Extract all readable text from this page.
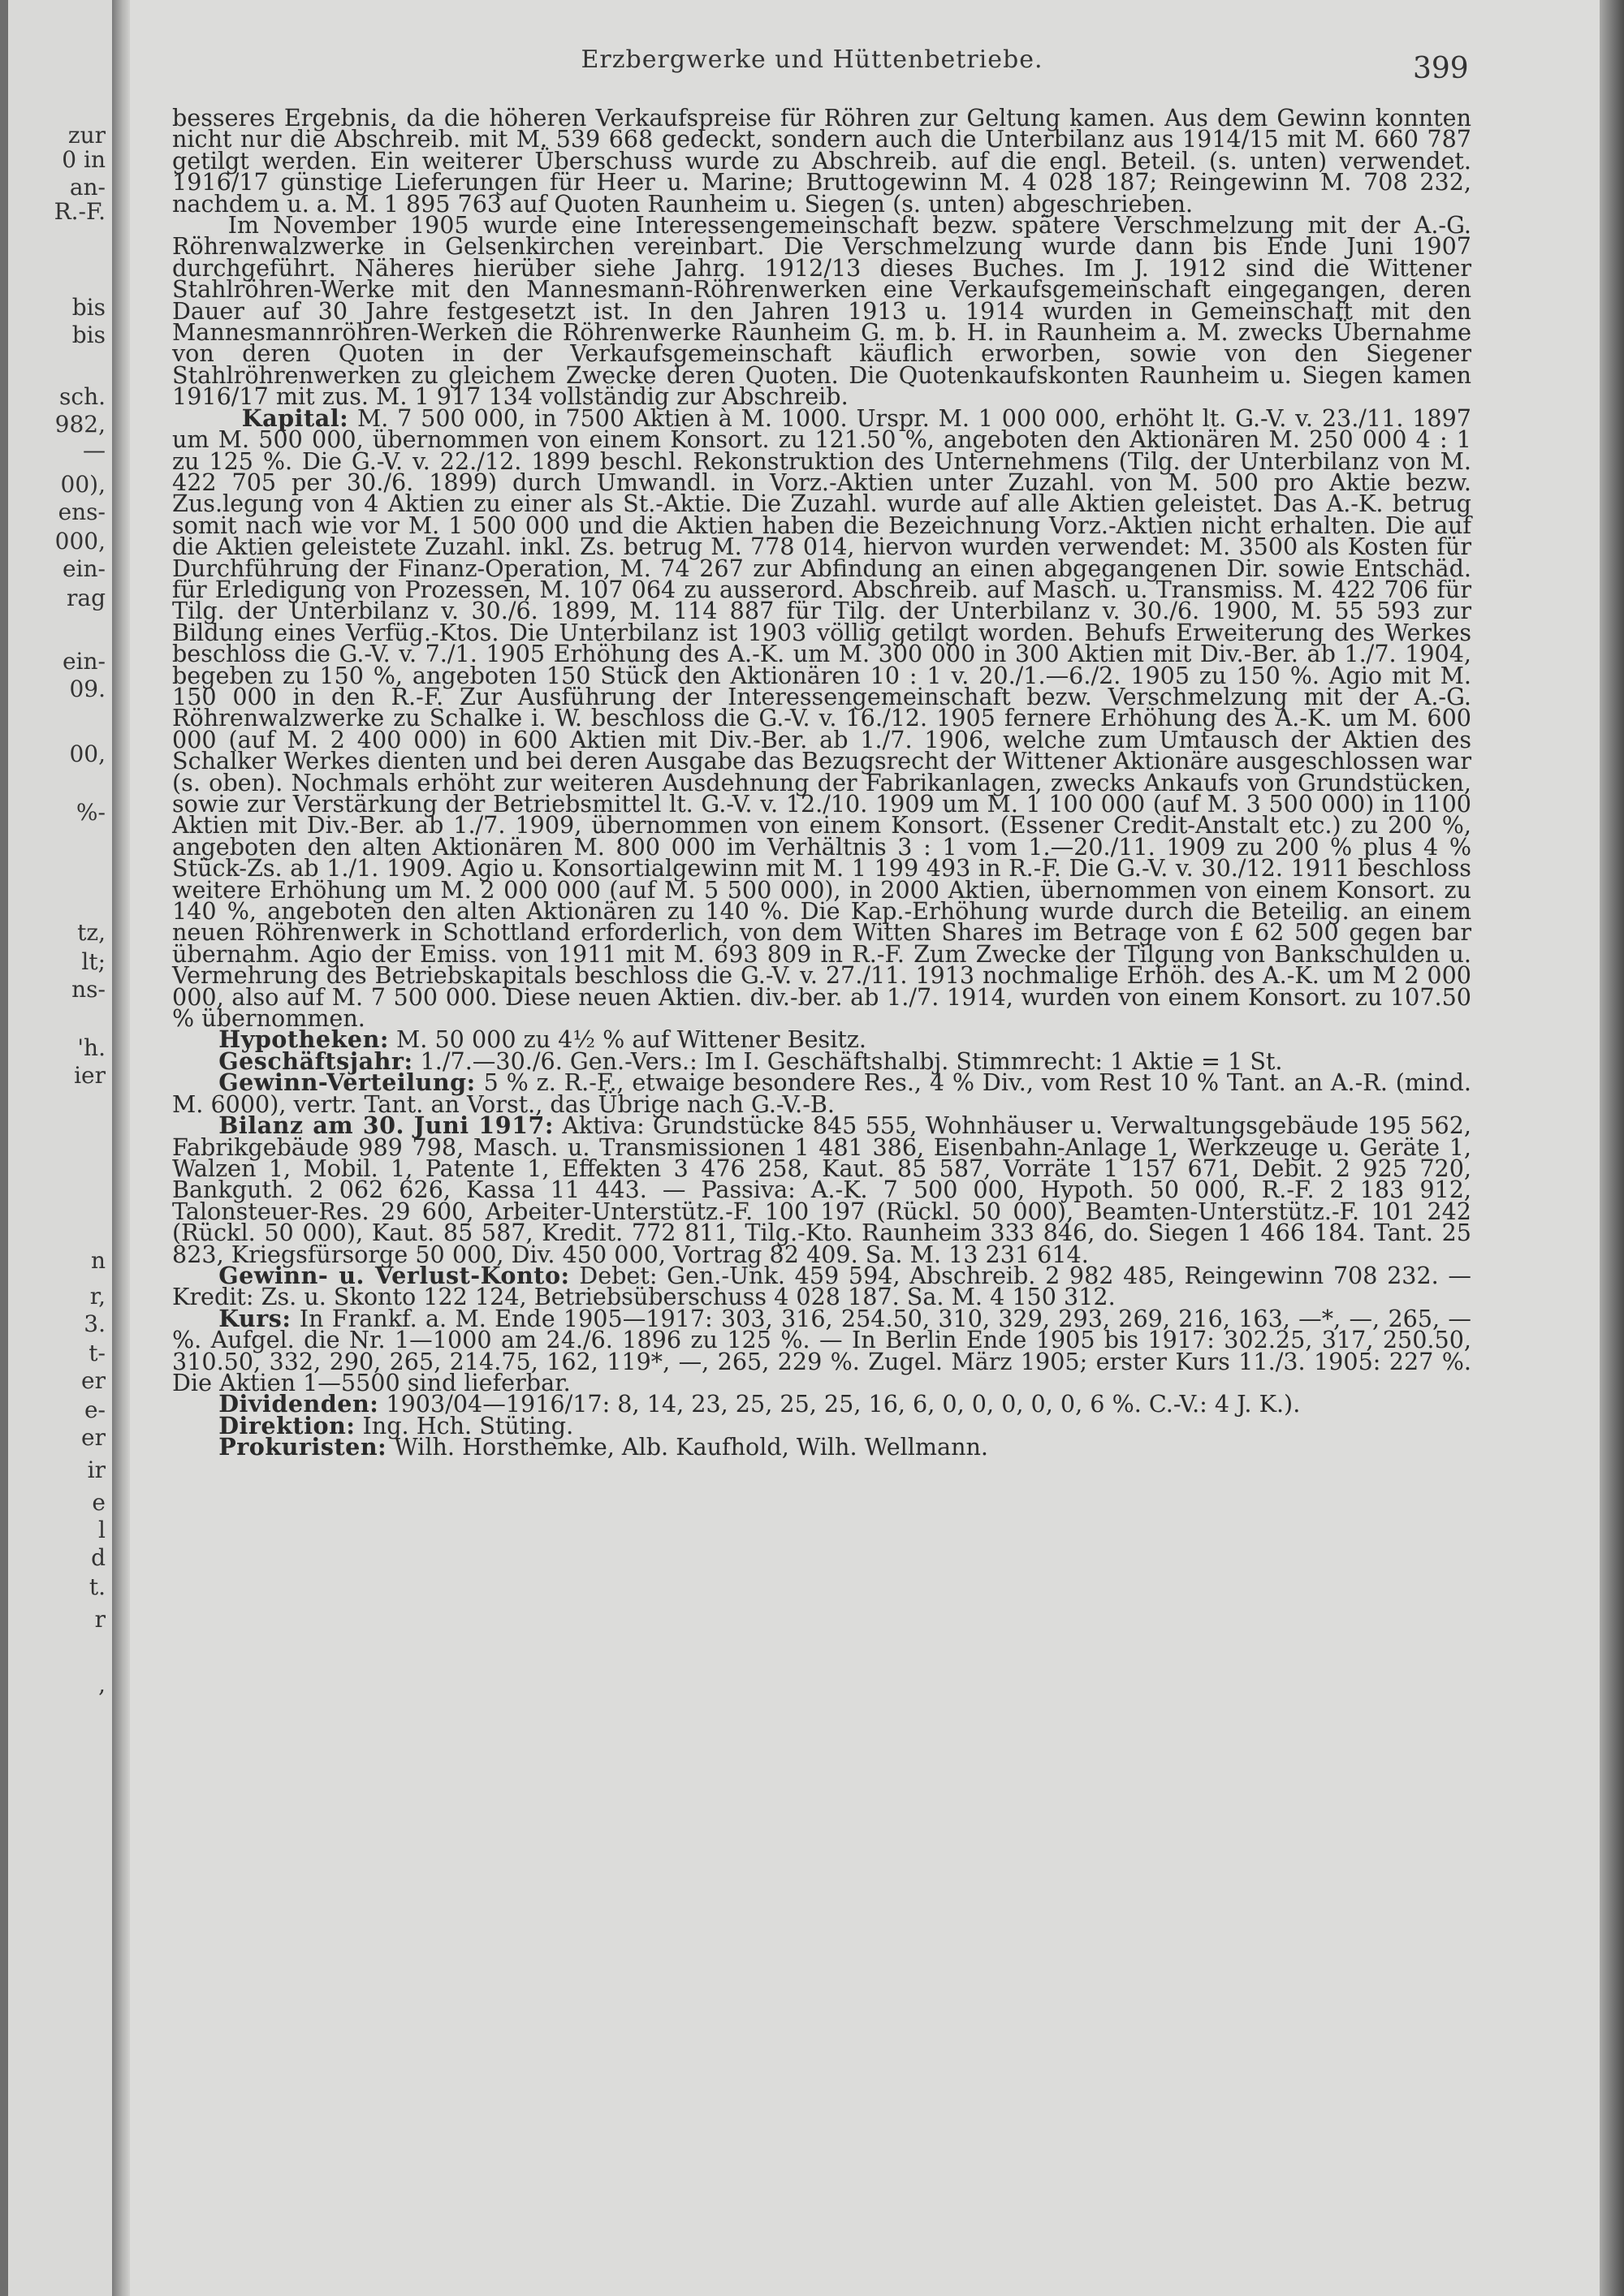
zur
0 in
an-
R.-F.
bis
bis
sch.
982,
—
00),
ens-
000,
ein-
rag
ein-
09.
00,
%-
tz,
lt;
ns-
'h.
ier
n
r,
3.
t-
er
e-
er
ir
e
l
d
t.
r
,
Erzbergwerke und Hüttenbetriebe.	399

besseres Ergebnis, da die höheren Verkaufspreise für Röhren zur Geltung kamen. Aus dem Gewinn konnten nicht nur die Abschreib. mit M. 539 668 gedeckt, sondern auch die Unterbilanz aus 1914/15 mit M. 660 787 getilgt werden. Ein weiterer Überschuss wurde zu Abschreib. auf die engl. Beteil. (s. unten) verwendet. 1916/17 günstige Lieferungen für Heer u. Marine; Bruttogewinn M. 4 028 187; Reingewinn M. 708 232, nachdem u. a. M. 1 895 763 auf Quoten Raunheim u. Siegen (s. unten) abgeschrieben.

Im November 1905 wurde eine Interessengemeinschaft bezw. spätere Verschmelzung mit der A.-G. Röhrenwalzwerke in Gelsenkirchen vereinbart. Die Verschmelzung wurde dann bis Ende Juni 1907 durchgeführt. Näheres hierüber siehe Jahrg. 1912/13 dieses Buches. Im J. 1912 sind die Wittener Stahlröhren-Werke mit den Mannesmann-Röhrenwerken eine Verkaufsgemeinschaft eingegangen, deren Dauer auf 30 Jahre festgesetzt ist. In den Jahren 1913 u. 1914 wurden in Gemeinschaft mit den Mannesmannröhren-Werken die Röhrenwerke Raunheim G. m. b. H. in Raunheim a. M. zwecks Übernahme von deren Quoten in der Verkaufsgemeinschaft käuflich erworben, sowie von den Siegener Stahlröhrenwerken zu gleichem Zwecke deren Quoten. Die Quotenkaufskonten Raunheim u. Siegen kamen 1916/17 mit zus. M. 1 917 134 vollständig zur Abschreib.

   Kapital: M. 7 500 000, in 7500 Aktien à M. 1000. Urspr. M. 1 000 000, erhöht lt. G.-V. v. 23./11. 1897 um M. 500 000, übernommen von einem Konsort. zu 121.50 %, angeboten den Aktionären M. 250 000 4 : 1 zu 125 %. Die G.-V. v. 22./12. 1899 beschl. Rekonstruktion des Unternehmens (Tilg. der Unterbilanz von M. 422 705 per 30./6. 1899) durch Umwandl. in Vorz.-Aktien unter Zuzahl. von M. 500 pro Aktie bezw. Zus.legung von 4 Aktien zu einer als St.-Aktie. Die Zuzahl. wurde auf alle Aktien geleistet. Das A.-K. betrug somit nach wie vor M. 1 500 000 und die Aktien haben die Bezeichnung Vorz.-Aktien nicht erhalten. Die auf die Aktien geleistete Zuzahl. inkl. Zs. betrug M. 778 014, hiervon wurden verwendet: M. 3500 als Kosten für Durchführung der Finanz-Operation, M. 74 267 zur Abfindung an einen abgegangenen Dir. sowie Entschäd. für Erledigung von Prozessen, M. 107 064 zu ausserord. Abschreib. auf Masch. u. Transmiss. M. 422 706 für Tilg. der Unterbilanz v. 30./6. 1899, M. 114 887 für Tilg. der Unterbilanz v. 30./6. 1900, M. 55 593 zur Bildung eines Verfüg.-Ktos. Die Unterbilanz ist 1903 völlig getilgt worden. Behufs Erweiterung des Werkes beschloss die G.-V. v. 7./1. 1905 Erhöhung des A.-K. um M. 300 000 in 300 Aktien mit Div.-Ber. ab 1./7. 1904, begeben zu 150 %, angeboten 150 Stück den Aktionären 10 : 1 v. 20./1.—6./2. 1905 zu 150 %. Agio mit M. 150 000 in den R.-F. Zur Ausführung der Interessengemeinschaft bezw. Verschmelzung mit der A.-G. Röhrenwalzwerke zu Schalke i. W. beschloss die G.-V. v. 16./12. 1905 fernere Erhöhung des A.-K. um M. 600 000 (auf M. 2 400 000) in 600 Aktien mit Div.-Ber. ab 1./7. 1906, welche zum Umtausch der Aktien des Schalker Werkes dienten und bei deren Ausgabe das Bezugsrecht der Wittener Aktionäre ausgeschlossen war (s. oben). Nochmals erhöht zur weiteren Ausdehnung der Fabrikanlagen, zwecks Ankaufs von Grundstücken, sowie zur Verstärkung der Betriebsmittel lt. G.-V. v. 12./10. 1909 um M. 1 100 000 (auf M. 3 500 000) in 1100 Aktien mit Div.-Ber. ab 1./7. 1909, übernommen von einem Konsort. (Essener Credit-Anstalt etc.) zu 200 %, angeboten den alten Aktionären M. 800 000 im Verhältnis 3 : 1 vom 1.—20./11. 1909 zu 200 % plus 4 % Stück-Zs. ab 1./1. 1909. Agio u. Konsortialgewinn mit M. 1 199 493 in R.-F. Die G.-V. v. 30./12. 1911 beschloss weitere Erhöhung um M. 2 000 000 (auf M. 5 500 000), in 2000 Aktien, übernommen von einem Konsort. zu 140 %, angeboten den alten Aktionären zu 140 %. Die Kap.-Erhöhung wurde durch die Beteilig. an einem neuen Röhrenwerk in Schottland erforderlich, von dem Witten Shares im Betrage von £ 62 500 gegen bar übernahm. Agio der Emiss. von 1911 mit M. 693 809 in R.-F. Zum Zwecke der Tilgung von Bankschulden u. Vermehrung des Betriebskapitals beschloss die G.-V. v. 27./11. 1913 nochmalige Erhöh. des A.-K. um M 2 000 000, also auf M. 7 500 000. Diese neuen Aktien. div.-ber. ab 1./7. 1914, wurden von einem Konsort. zu 107.50 % übernommen.

  Hypotheken: M. 50 000 zu 4½ % auf Wittener Besitz.

  Geschäftsjahr: 1./7.—30./6. Gen.-Vers.: Im I. Geschäftshalbj. Stimmrecht: 1 Aktie = 1 St.

  Gewinn-Verteilung: 5 % z. R.-F., etwaige besondere Res., 4 % Div., vom Rest 10 % Tant. an A.-R. (mind. M. 6000), vertr. Tant. an Vorst., das Übrige nach G.-V.-B.

  Bilanz am 30. Juni 1917: Aktiva: Grundstücke 845 555, Wohnhäuser u. Verwaltungsgebäude 195 562, Fabrikgebäude 989 798, Masch. u. Transmissionen 1 481 386, Eisenbahn-Anlage 1, Werkzeuge u. Geräte 1, Walzen 1, Mobil. 1, Patente 1, Effekten 3 476 258, Kaut. 85 587, Vorräte 1 157 671, Debit. 2 925 720, Bankguth. 2 062 626, Kassa 11 443. — Passiva: A.-K. 7 500 000, Hypoth. 50 000, R.-F. 2 183 912, Talonsteuer-Res. 29 600, Arbeiter-Unterstütz.-F. 100 197 (Rückl. 50 000), Beamten-Unterstütz.-F. 101 242 (Rückl. 50 000), Kaut. 85 587, Kredit. 772 811, Tilg.-Kto. Raunheim 333 846, do. Siegen 1 466 184. Tant. 25 823, Kriegsfürsorge 50 000, Div. 450 000, Vortrag 82 409. Sa. M. 13 231 614.

  Gewinn- u. Verlust-Konto: Debet: Gen.-Unk. 459 594, Abschreib. 2 982 485, Reingewinn 708 232. — Kredit: Zs. u. Skonto 122 124, Betriebsüberschuss 4 028 187. Sa. M. 4 150 312.

  Kurs: In Frankf. a. M. Ende 1905—1917: 303, 316, 254.50, 310, 329, 293, 269, 216, 163, —*, —, 265, —%. Aufgel. die Nr. 1—1000 am 24./6. 1896 zu 125 %. — In Berlin Ende 1905 bis 1917: 302.25, 317, 250.50, 310.50, 332, 290, 265, 214.75, 162, 119*, —, 265, 229 %. Zugel. März 1905; erster Kurs 11./3. 1905: 227 %. Die Aktien 1—5500 sind lieferbar.

  Dividenden: 1903/04—1916/17: 8, 14, 23, 25, 25, 25, 16, 6, 0, 0, 0, 0, 0, 6 %. C.-V.: 4 J. K.).

  Direktion: Ing. Hch. Stüting.

  Prokuristen: Wilh. Horsthemke, Alb. Kaufhold, Wilh. Wellmann.
